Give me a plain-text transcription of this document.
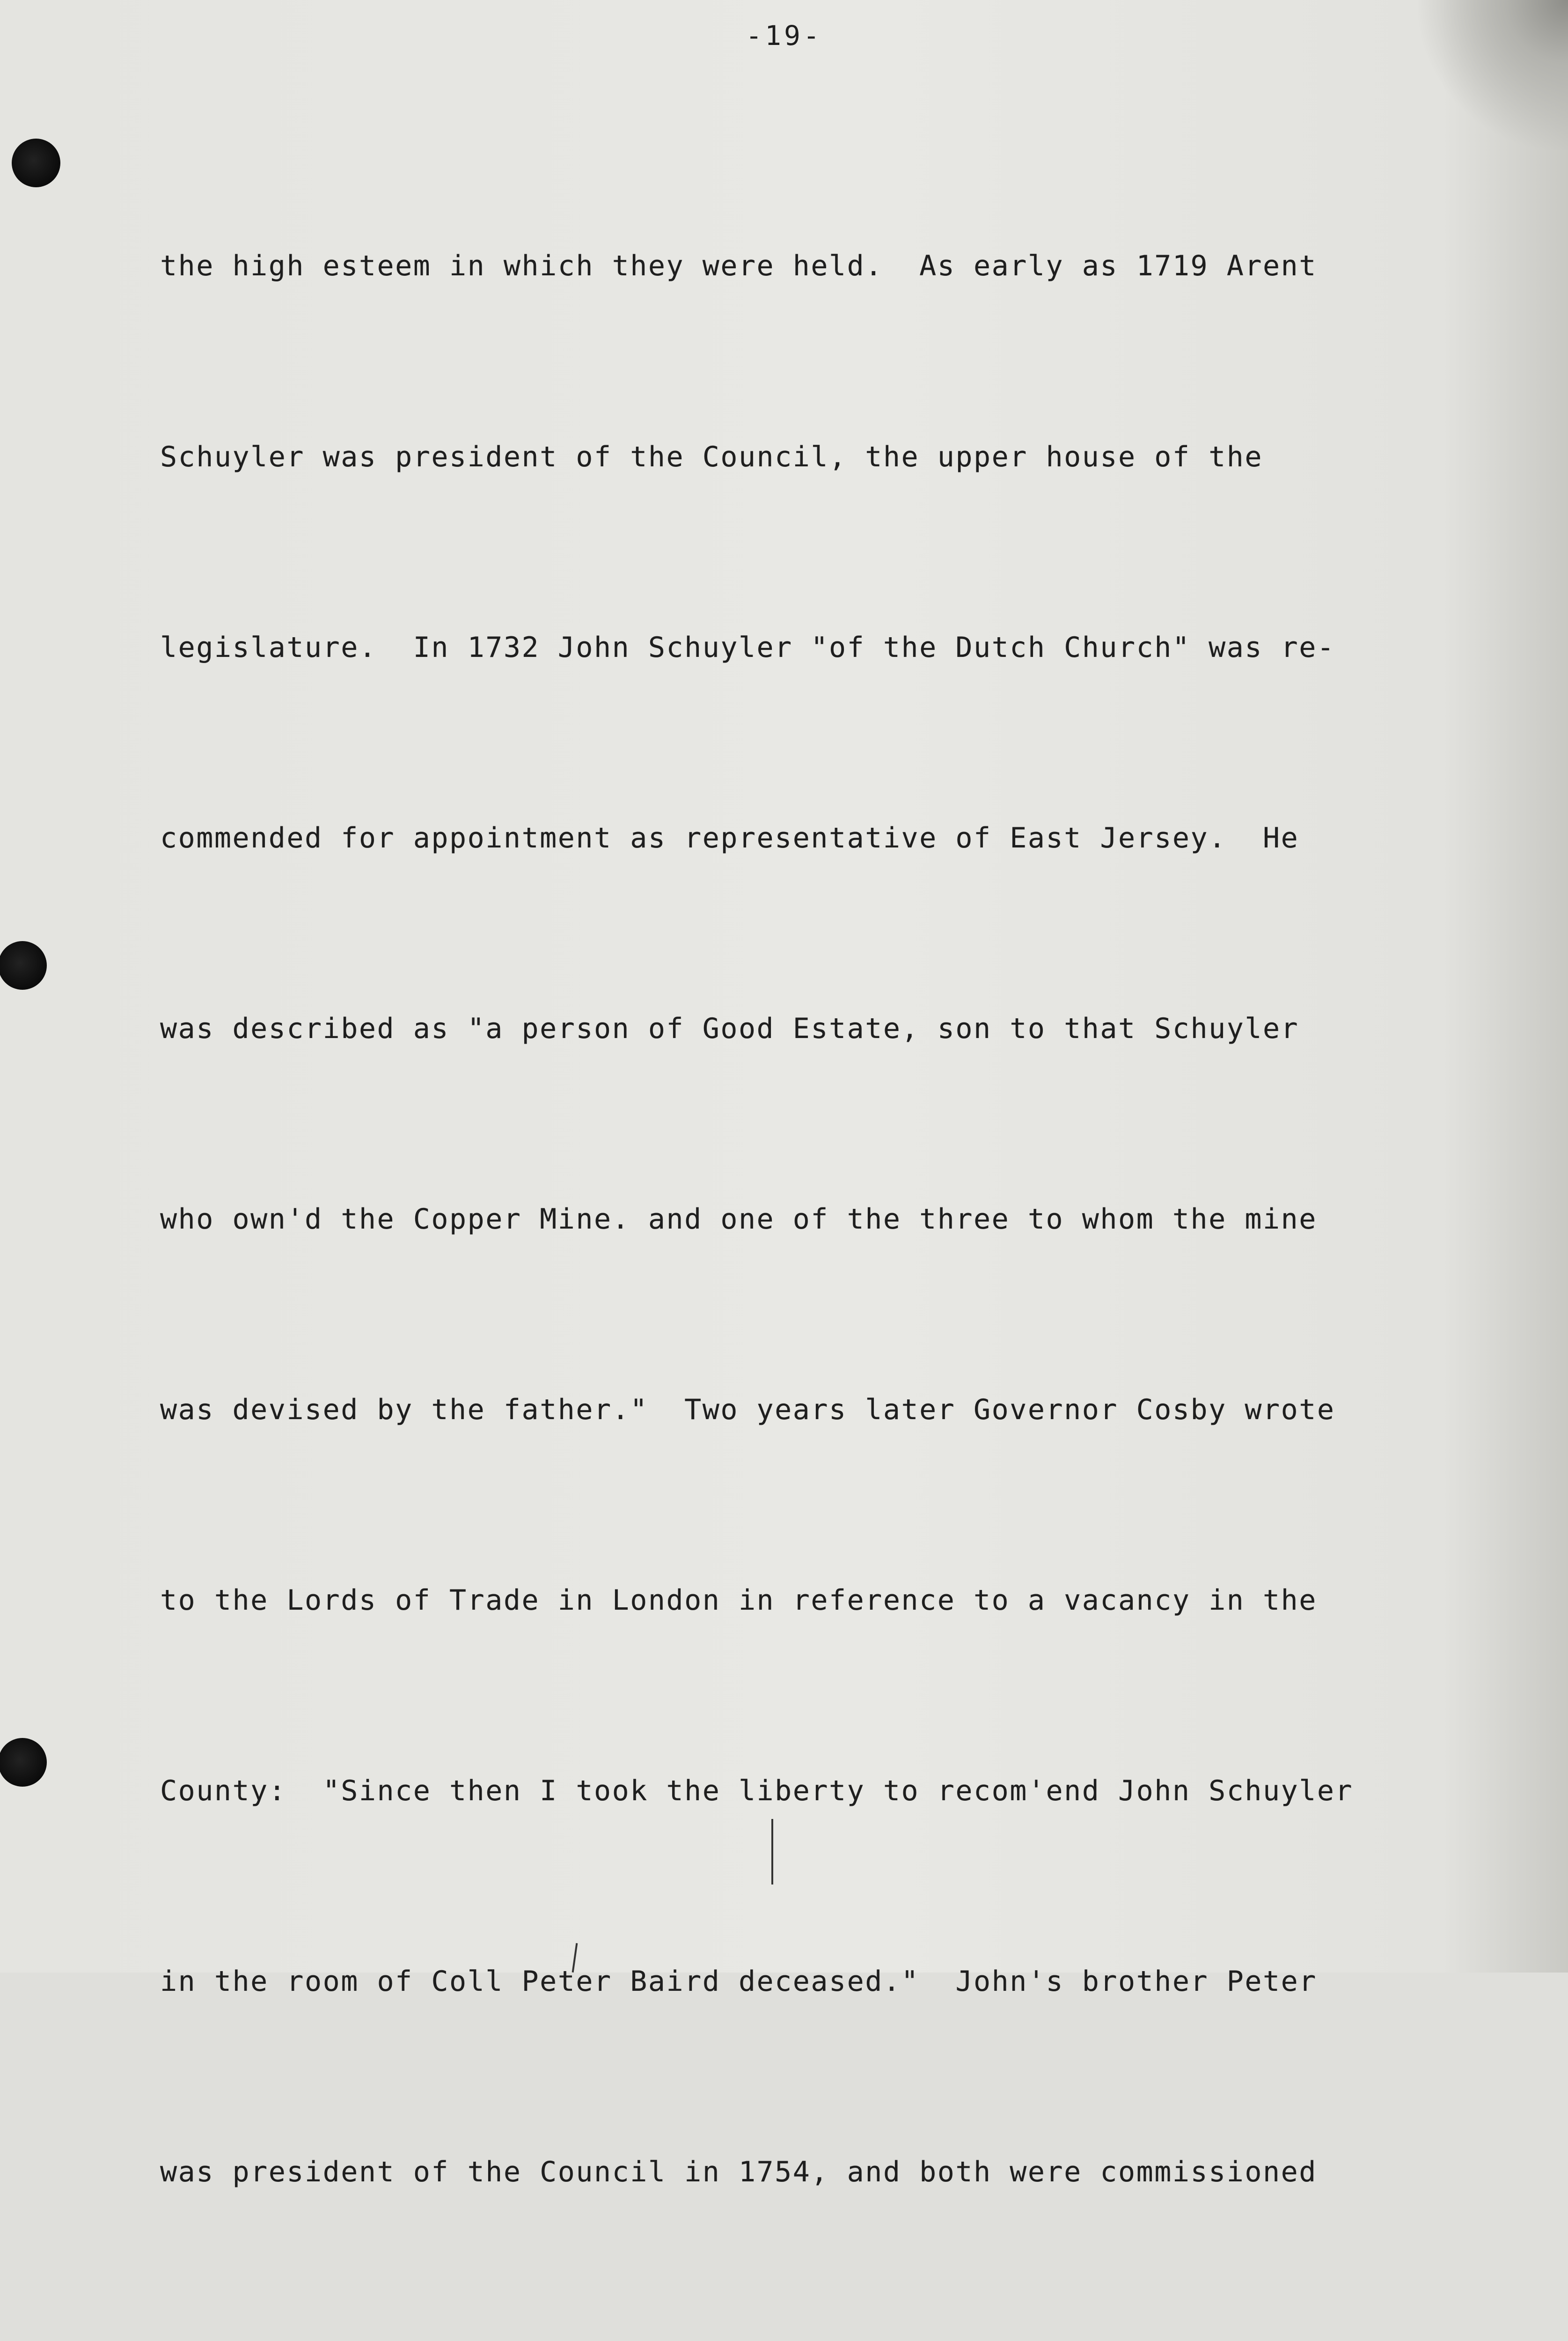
-19-

the high esteem in which they were held.  As early as 1719 Arent

Schuyler was president of the Council, the upper house of the

legislature.  In 1732 John Schuyler "of the Dutch Church" was re-

commended for appointment as representative of East Jersey.  He

was described as "a person of Good Estate, son to that Schuyler

who own'd the Copper Mine. and one of the three to whom the mine

was devised by the father."  Two years later Governor Cosby wrote

to the Lords of Trade in London in reference to a vacancy in the

County:  "Since then I took the liberty to recom'end John Schuyler

in the room of Coll Peter Baird deceased."  John's brother Peter

was president of the Council in 1754, and both were commissioned
